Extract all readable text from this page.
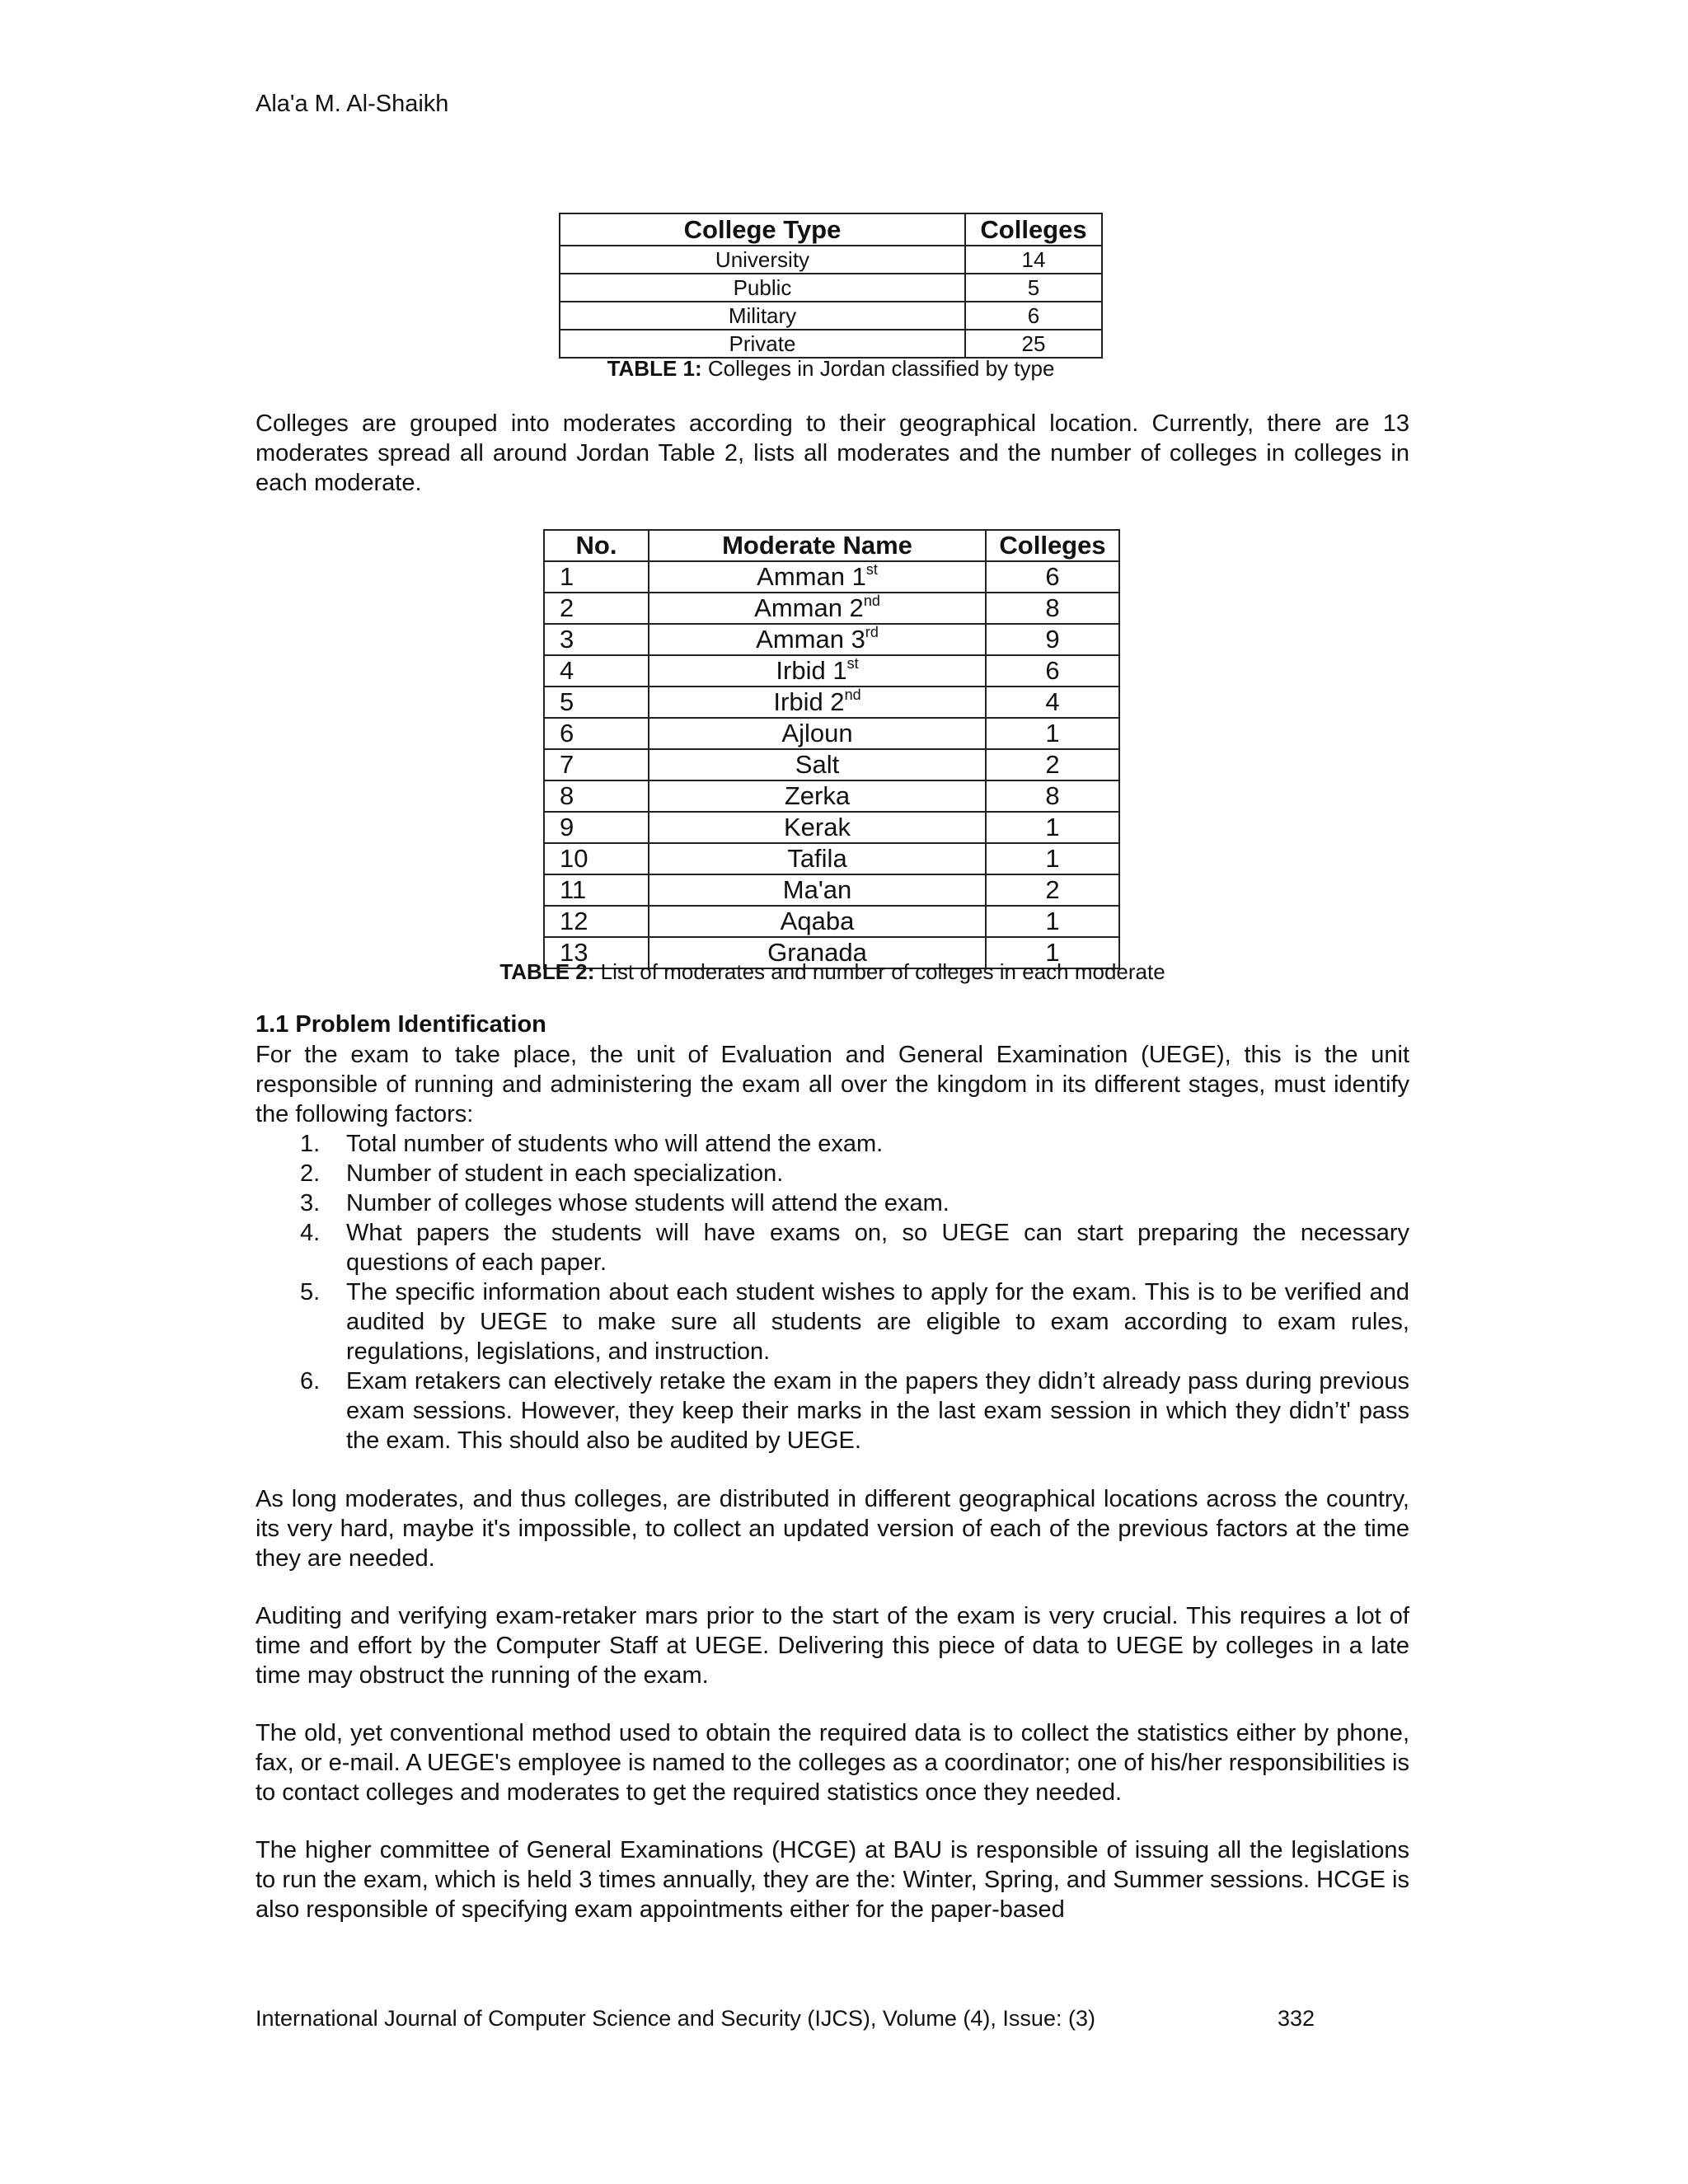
Ala'a M. Al-Shaikh
College Type	Colleges
University	14
Public	5
Military	6
Private	25
TABLE 1: Colleges in Jordan classified by type

Colleges are grouped into moderates according to their geographical location. Currently, there are 13 moderates spread all around Jordan Table 2, lists all moderates and the number of colleges in colleges in each moderate.

No.	Moderate Name	Colleges
1	Amman 1st	6
2	Amman 2nd	8
3	Amman 3rd	9
4	Irbid 1st	6
5	Irbid 2nd	4
6	Ajloun	1
7	Salt	2
8	Zerka	8
9	Kerak	1
10	Tafila	1
11	Ma'an	2
12	Aqaba	1
13	Granada	1
TABLE 2: List of moderates and number of colleges in each moderate
1.1 Problem Identification

For the exam to take place, the unit of Evaluation and General Examination (UEGE), this is the unit responsible of running and administering the exam all over the kingdom in its different stages, must identify the following factors:

1.	Total number of students who will attend the exam.
2.	Number of student in each specialization.
3.	Number of colleges whose students will attend the exam.
4.	What papers the students will have exams on, so UEGE can start preparing the necessary questions of each paper.
5.	The specific information about each student wishes to apply for the exam. This is to be verified and audited by UEGE to make sure all students are eligible to exam according to exam rules, regulations, legislations, and instruction.
6.	Exam retakers can electively retake the exam in the papers they didn’t already pass during previous exam sessions. However, they keep their marks in the last exam session in which they didn’t' pass the exam. This should also be audited by UEGE.

As long moderates, and thus colleges, are distributed in different geographical locations across the country, its very hard, maybe it's impossible, to collect an updated version of each of the previous factors at the time they are needed.

Auditing and verifying exam-retaker mars prior to the start of the exam is very crucial. This requires a lot of time and effort by the Computer Staff at UEGE. Delivering this piece of data to UEGE by colleges in a late time may obstruct the running of the exam.

The old, yet conventional method used to obtain the required data is to collect the statistics either by phone, fax, or e-mail. A UEGE's employee is named to the colleges as a coordinator; one of his/her responsibilities is to contact colleges and moderates to get the required statistics once they needed.

The higher committee of General Examinations (HCGE) at BAU is responsible of issuing all the legislations to run the exam, which is held 3 times annually, they are the: Winter, Spring, and Summer sessions. HCGE is also responsible of specifying exam appointments either for the paper-based

International Journal of Computer Science and Security (IJCS), Volume (4), Issue: (3)	332
